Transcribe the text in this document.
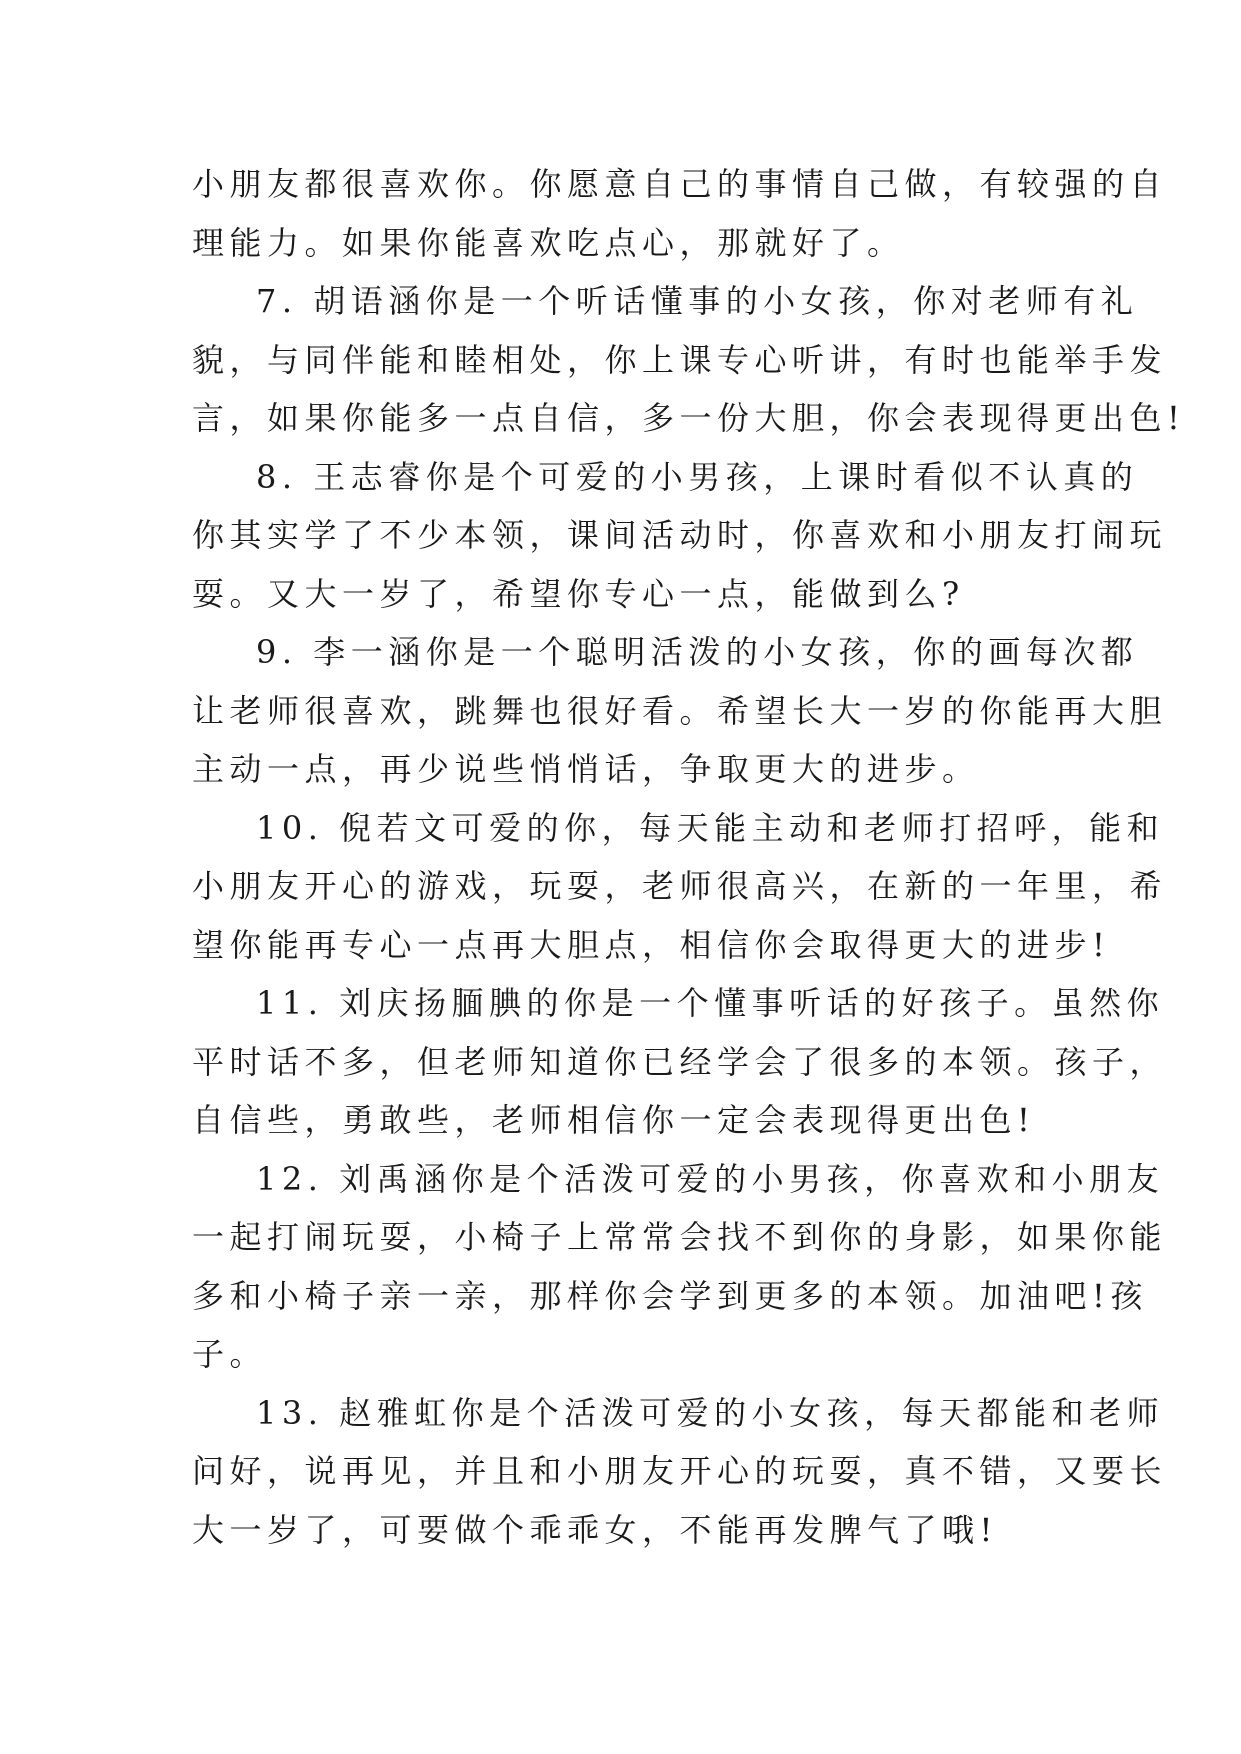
小朋友都很喜欢你。你愿意自己的事情自己做，有较强的自
理能力。如果你能喜欢吃点心，那就好了。
7. 胡语涵你是一个听话懂事的小女孩，你对老师有礼
貌，与同伴能和睦相处，你上课专心听讲，有时也能举手发
言，如果你能多一点自信，多一份大胆，你会表现得更出色!
8. 王志睿你是个可爱的小男孩，上课时看似不认真的
你其实学了不少本领，课间活动时，你喜欢和小朋友打闹玩
耍。又大一岁了，希望你专心一点，能做到么?
9. 李一涵你是一个聪明活泼的小女孩，你的画每次都
让老师很喜欢，跳舞也很好看。希望长大一岁的你能再大胆
主动一点，再少说些悄悄话，争取更大的进步。
10. 倪若文可爱的你，每天能主动和老师打招呼，能和
小朋友开心的游戏，玩耍，老师很高兴，在新的一年里，希
望你能再专心一点再大胆点，相信你会取得更大的进步!
11. 刘庆扬腼腆的你是一个懂事听话的好孩子。虽然你
平时话不多，但老师知道你已经学会了很多的本领。孩子，
自信些，勇敢些，老师相信你一定会表现得更出色!
12. 刘禹涵你是个活泼可爱的小男孩，你喜欢和小朋友
一起打闹玩耍，小椅子上常常会找不到你的身影，如果你能
多和小椅子亲一亲，那样你会学到更多的本领。加油吧!孩
子。
13. 赵雅虹你是个活泼可爱的小女孩，每天都能和老师
问好，说再见，并且和小朋友开心的玩耍，真不错，又要长
大一岁了，可要做个乖乖女，不能再发脾气了哦!
